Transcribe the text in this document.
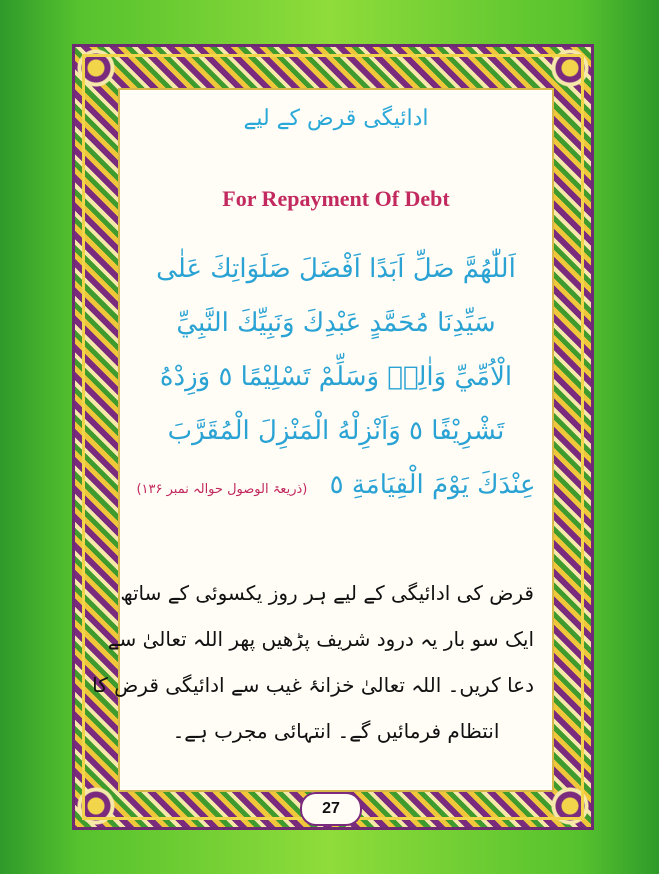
ادائیگی قرض کے لیے
For Repayment Of Debt
اَللّٰهُمَّ صَلِّ اَبَدًا اَفْضَلَ صَلَوَاتِكَ عَلٰى
سَيِّدِنَا مُحَمَّدٍ عَبْدِكَ وَنَبِيِّكَ النَّبِيِّ
الْاُمِّيِّ وَاٰلِهٖ وَسَلِّمْ تَسْلِيْمًا ٥ وَزِدْهُ
تَشْرِيْفًا ٥ وَاَنْزِلْهُ الْمَنْزِلَ الْمُقَرَّبَ
عِنْدَكَ يَوْمَ الْقِيَامَةِ ٥ (ذریعۃ الوصول حوالہ نمبر ۱۳۶)
قرض کی ادائیگی کے لیے ہر روز یکسوئی کے ساتھ
ایک سو بار یہ درود شریف پڑھیں پھر اللہ تعالیٰ سے
دعا کریں۔ اللہ تعالیٰ خزانۂ غیب سے ادائیگی قرض کا
انتظام فرمائیں گے۔ انتہائی مجرب ہے۔
27
